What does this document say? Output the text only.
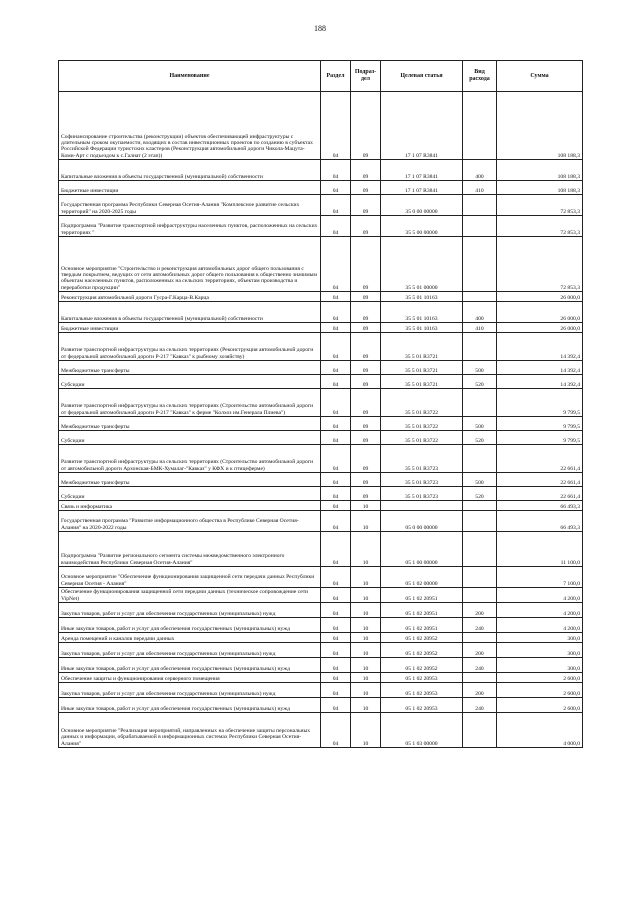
188
Наименование	Раздел	Подраз-дел	Целевая статья	Вид расхода	Сумма
Софинансирование строительства (реконструкции) объектов обеспечивающей инфраструктуры с длительным сроком окупаемости, входящих в состав инвестиционных проектов по созданию в субъектах Российской Федерации туристских кластеров (Реконструкция автомобильной дороги Чикола-Мацута-Коми-Арт с подъездом к с.Галиат (2 этап))	04	09	17 1 07 R3841		108 188,3
Капитальные вложения в объекты государственной (муниципальной) собственности	04	09	17 1 07 R3841	400	108 188,3
Бюджетные инвестиции	04	09	17 1 07 R3841	410	108 188,3
Государственная программа Республики Северная Осетия-Алания "Комплексное развитие сельских территорий" на 2020-2025 годы	04	09	35 0 00 00000		72 853,3
Подпрограмма "Развитие транспортной инфраструктуры населенных пунктов, расположенных на сельских территориях "	04	09	35 5 00 00000		72 853,3
Основное мероприятие "Строительство и реконструкция автомобильных дорог общего пользования с твердым покрытием, ведущих от сети автомобильных дорог общего пользования к общественно значимым объектам населенных пунктов, расположенных на сельских территориях, объектам производства и переработки продукции"	04	09	35 5 01 00000		72 853,3
Реконструкция автомобильной дороги Гусра-Г.Карца-В.Карца	04	09	35 5 01 10163		26 000,0
Капитальные вложения в объекты государственной (муниципальной) собственности	04	09	35 5 01 10163	400	26 000,0
Бюджетные инвестиции	04	09	35 5 01 10163	410	26 000,0
Развитие транспортной инфраструктуры на сельских территориях (Реконструкция автомобильной дороги от федеральной автомобильной дороги Р-217 "Кавказ" к рыбному хозяйству)	04	09	35 5 01 R3721		14 392,4
Межбюджетные трансферты	04	09	35 5 01 R3721	500	14 392,4
Субсидии	04	09	35 5 01 R3721	520	14 392,4
Развитие транспортной инфраструктуры на сельских территориях (Строительство автомобильной дороги от федеральной автомобильной дороги Р-217 "Кавказ" к ферме "Колхоз им.Генерала Плиева")	04	09	35 5 01 R3722		9 799,5
Межбюджетные трансферты	04	09	35 5 01 R3722	500	9 799,5
Субсидии	04	09	35 5 01 R3722	520	9 799,5
Развитие транспортной инфраструктуры на сельских территориях (Строительство автомобильной дороги от автомобильной дороги Архонская-БМК-Хумалаг-"Кавказ" у КФХ и к птицеферме)	04	09	35 5 01 R3723		22 661,4
Межбюджетные трансферты	04	09	35 5 01 R3723	500	22 661,4
Субсидии	04	09	35 5 01 R3723	520	22 661,4
Связь и информатика	04	10			66 493,3
Государственная программа "Развитие информационного общества в Республике Северная Осетия-Алания" на 2020-2022 годы	04	10	05 0 00 00000		66 493,3
Подпрограмма "Развитие регионального сегмента системы межведомственного электронного взаимодействия Республики Северная Осетия-Алания"	04	10	05 1 00 00000		11 100,0
Основное мероприятие "Обеспечение функционирования защищенной сети передачи данных Республики Северная Осетия - Алания"	04	10	05 1 02 00000		7 100,0
Обеспечение функционирования защищенной сети передачи данных (техническое сопровождение сети VipNet)	04	10	05 1 02 20951		4 200,0
Закупка товаров, работ и услуг для обеспечения государственных (муниципальных) нужд	04	10	05 1 02 20951	200	4 200,0
Иные закупки товаров, работ и услуг для обеспечения государственных (муниципальных) нужд	04	10	05 1 02 20951	240	4 200,0
Аренда помещений и каналов передачи данных	04	10	05 1 02 20952		300,0
Закупка товаров, работ и услуг для обеспечения государственных (муниципальных) нужд	04	10	05 1 02 20952	200	300,0
Иные закупки товаров, работ и услуг для обеспечения государственных (муниципальных) нужд	04	10	05 1 02 20952	240	300,0
Обеспечение защиты и функционирования серверного помещения	04	10	05 1 02 20953		2 600,0
Закупка товаров, работ и услуг для обеспечения государственных (муниципальных) нужд	04	10	05 1 02 20953	200	2 600,0
Иные закупки товаров, работ и услуг для обеспечения государственных (муниципальных) нужд	04	10	05 1 02 20953	240	2 600,0
Основное мероприятие "Реализация мероприятий, направленных на обеспечение защиты персональных данных и информации, обрабатываемой в информационных системах Республики Северная Осетия-Алания"	04	10	05 1 03 00000		4 000,0
